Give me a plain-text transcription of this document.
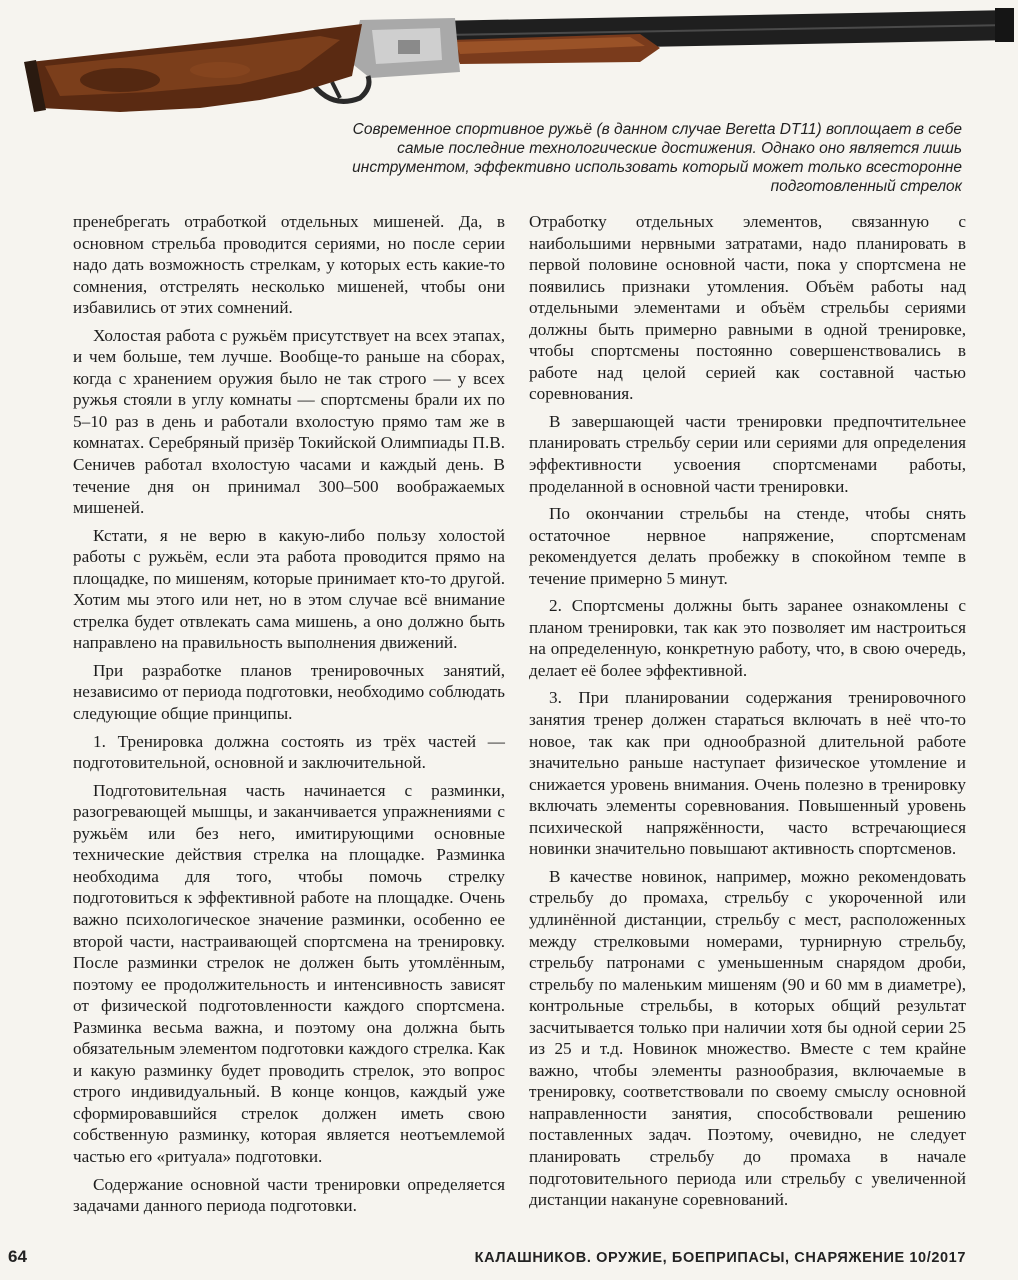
Современное спортивное ружьё (в данном случае Beretta DT11) воплощает в себе самые последние технологические достижения. Однако оно является лишь инструментом, эффективно использовать который может только всесторонне подготовленный стрелок

пренебрегать отработкой отдельных мишеней. Да, в основном стрельба проводится сериями, но после серии надо дать возможность стрелкам, у которых есть какие-то сомнения, отстрелять несколько мишеней, чтобы они избавились от этих сомнений.

Холостая работа с ружьём присутствует на всех этапах, и чем больше, тем лучше. Вообще-то раньше на сборах, когда с хранением оружия было не так строго — у всех ружья стояли в углу комнаты — спортсмены брали их по 5–10 раз в день и работали вхолостую прямо там же в комнатах. Серебряный призёр Токийской Олимпиады П.В. Сеничев работал вхолостую часами и каждый день. В течение дня он принимал 300–500 воображаемых мишеней.

Кстати, я не верю в какую-либо пользу холостой работы с ружьём, если эта работа проводится прямо на площадке, по мишеням, которые принимает кто-то другой. Хотим мы этого или нет, но в этом случае всё внимание стрелка будет отвлекать сама мишень, а оно должно быть направлено на правильность выполнения движений.

При разработке планов тренировочных занятий, независимо от периода подготовки, необходимо соблюдать следующие общие принципы.

1. Тренировка должна состоять из трёх частей — подготовительной, основной и заключительной.

Подготовительная часть начинается с разминки, разогревающей мышцы, и заканчивается упражнениями с ружьём или без него, имитирующими основные технические действия стрелка на площадке. Разминка необходима для того, чтобы помочь стрелку подготовиться к эффективной работе на площадке. Очень важно психологическое значение разминки, особенно ее второй части, настраивающей спортсмена на тренировку. После разминки стрелок не должен быть утомлённым, поэтому ее продолжительность и интенсивность зависят от физической подготовленности каждого спортсмена. Разминка весьма важна, и поэтому она должна быть обязательным элементом подготовки каждого стрелка. Как и какую разминку будет проводить стрелок, это вопрос строго индивидуальный. В конце концов, каждый уже сформировавшийся стрелок должен иметь свою собственную разминку, которая является неотъемлемой частью его «ритуала» подготовки.

Содержание основной части тренировки определяется задачами данного периода подготовки.

Отработку отдельных элементов, связанную с наибольшими нервными затратами, надо планировать в первой половине основной части, пока у спортсмена не появились признаки утомления. Объём работы над отдельными элементами и объём стрельбы сериями должны быть примерно равными в одной тренировке, чтобы спортсмены постоянно совершенствовались в работе над целой серией как составной частью соревнования.

В завершающей части тренировки предпочтительнее планировать стрельбу серии или сериями для определения эффективности усвоения спортсменами работы, проделанной в основной части тренировки.

По окончании стрельбы на стенде, чтобы снять остаточное нервное напряжение, спортсменам рекомендуется делать пробежку в спокойном темпе в течение примерно 5 минут.

2. Спортсмены должны быть заранее ознакомлены с планом тренировки, так как это позволяет им настроиться на определенную, конкретную работу, что, в свою очередь, делает её более эффективной.

3. При планировании содержания тренировочного занятия тренер должен стараться включать в неё что-то новое, так как при однообразной длительной работе значительно раньше наступает физическое утомление и снижается уровень внимания. Очень полезно в тренировку включать элементы соревнования. Повышенный уровень психической напряжённости, часто встречающиеся новинки значительно повышают активность спортсменов.

В качестве новинок, например, можно рекомендовать стрельбу до промаха, стрельбу с укороченной или удлинённой дистанции, стрельбу с мест, расположенных между стрелковыми номерами, турнирную стрельбу, стрельбу патронами с уменьшенным снарядом дроби, стрельбу по маленьким мишеням (90 и 60 мм в диаметре), контрольные стрельбы, в которых общий результат засчитывается только при наличии хотя бы одной серии 25 из 25 и т.д. Новинок множество. Вместе с тем крайне важно, чтобы элементы разнообразия, включаемые в тренировку, соответствовали по своему смыслу основной направленности занятия, способствовали решению поставленных задач. Поэтому, очевидно, не следует планировать стрельбу до промаха в начале подготовительного периода или стрельбу с увеличенной дистанции накануне соревнований.

64	КАЛАШНИКОВ. ОРУЖИЕ, БОЕПРИПАСЫ, СНАРЯЖЕНИЕ 10/2017
